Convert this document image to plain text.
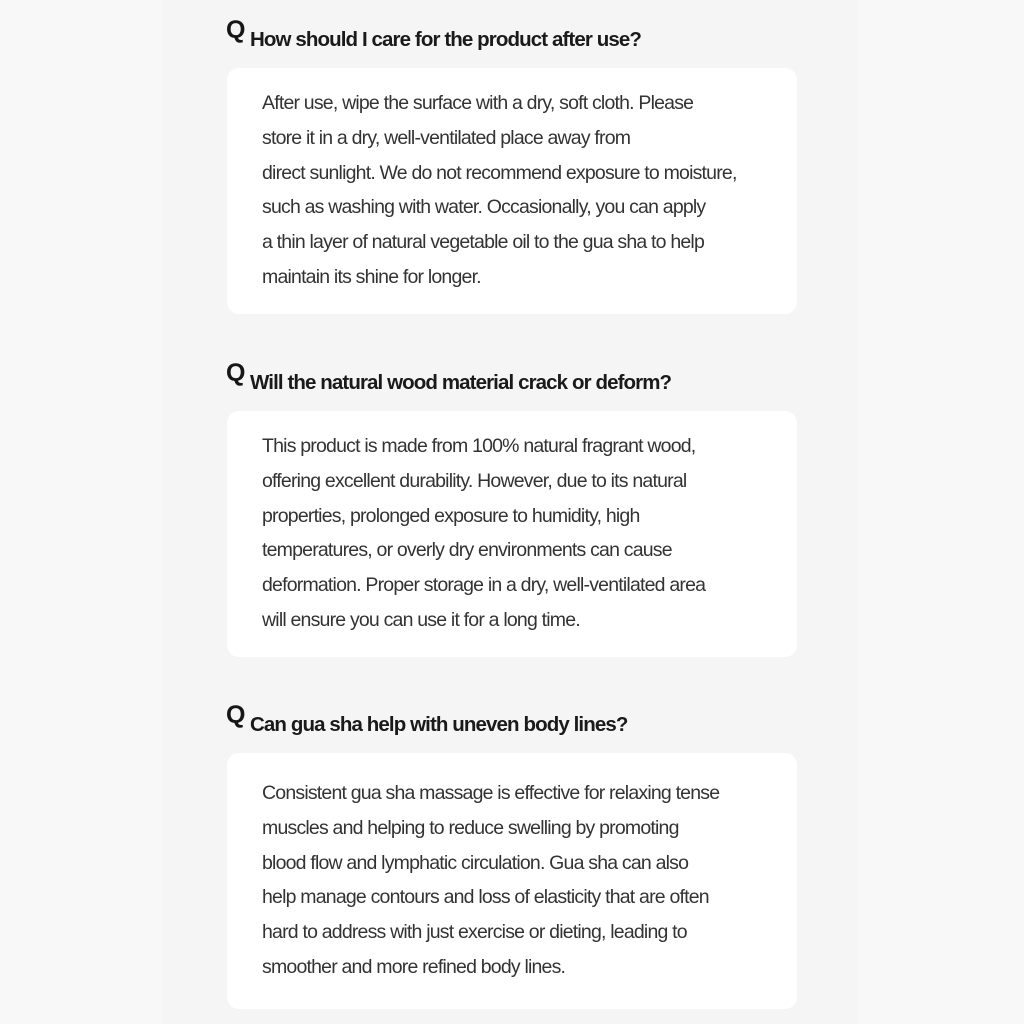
Q How should I care for the product after use?
After use, wipe the surface with a dry, soft cloth. Please
store it in a dry, well-ventilated place away from
direct sunlight. We do not recommend exposure to moisture,
such as washing with water. Occasionally, you can apply
a thin layer of natural vegetable oil to the gua sha to help
maintain its shine for longer.
Q Will the natural wood material crack or deform?
This product is made from 100% natural fragrant wood,
offering excellent durability. However, due to its natural
properties, prolonged exposure to humidity, high
temperatures, or overly dry environments can cause
deformation. Proper storage in a dry, well-ventilated area
will ensure you can use it for a long time.
Q Can gua sha help with uneven body lines?
Consistent gua sha massage is effective for relaxing tense
muscles and helping to reduce swelling by promoting
blood flow and lymphatic circulation. Gua sha can also
help manage contours and loss of elasticity that are often
hard to address with just exercise or dieting, leading to
smoother and more refined body lines.
